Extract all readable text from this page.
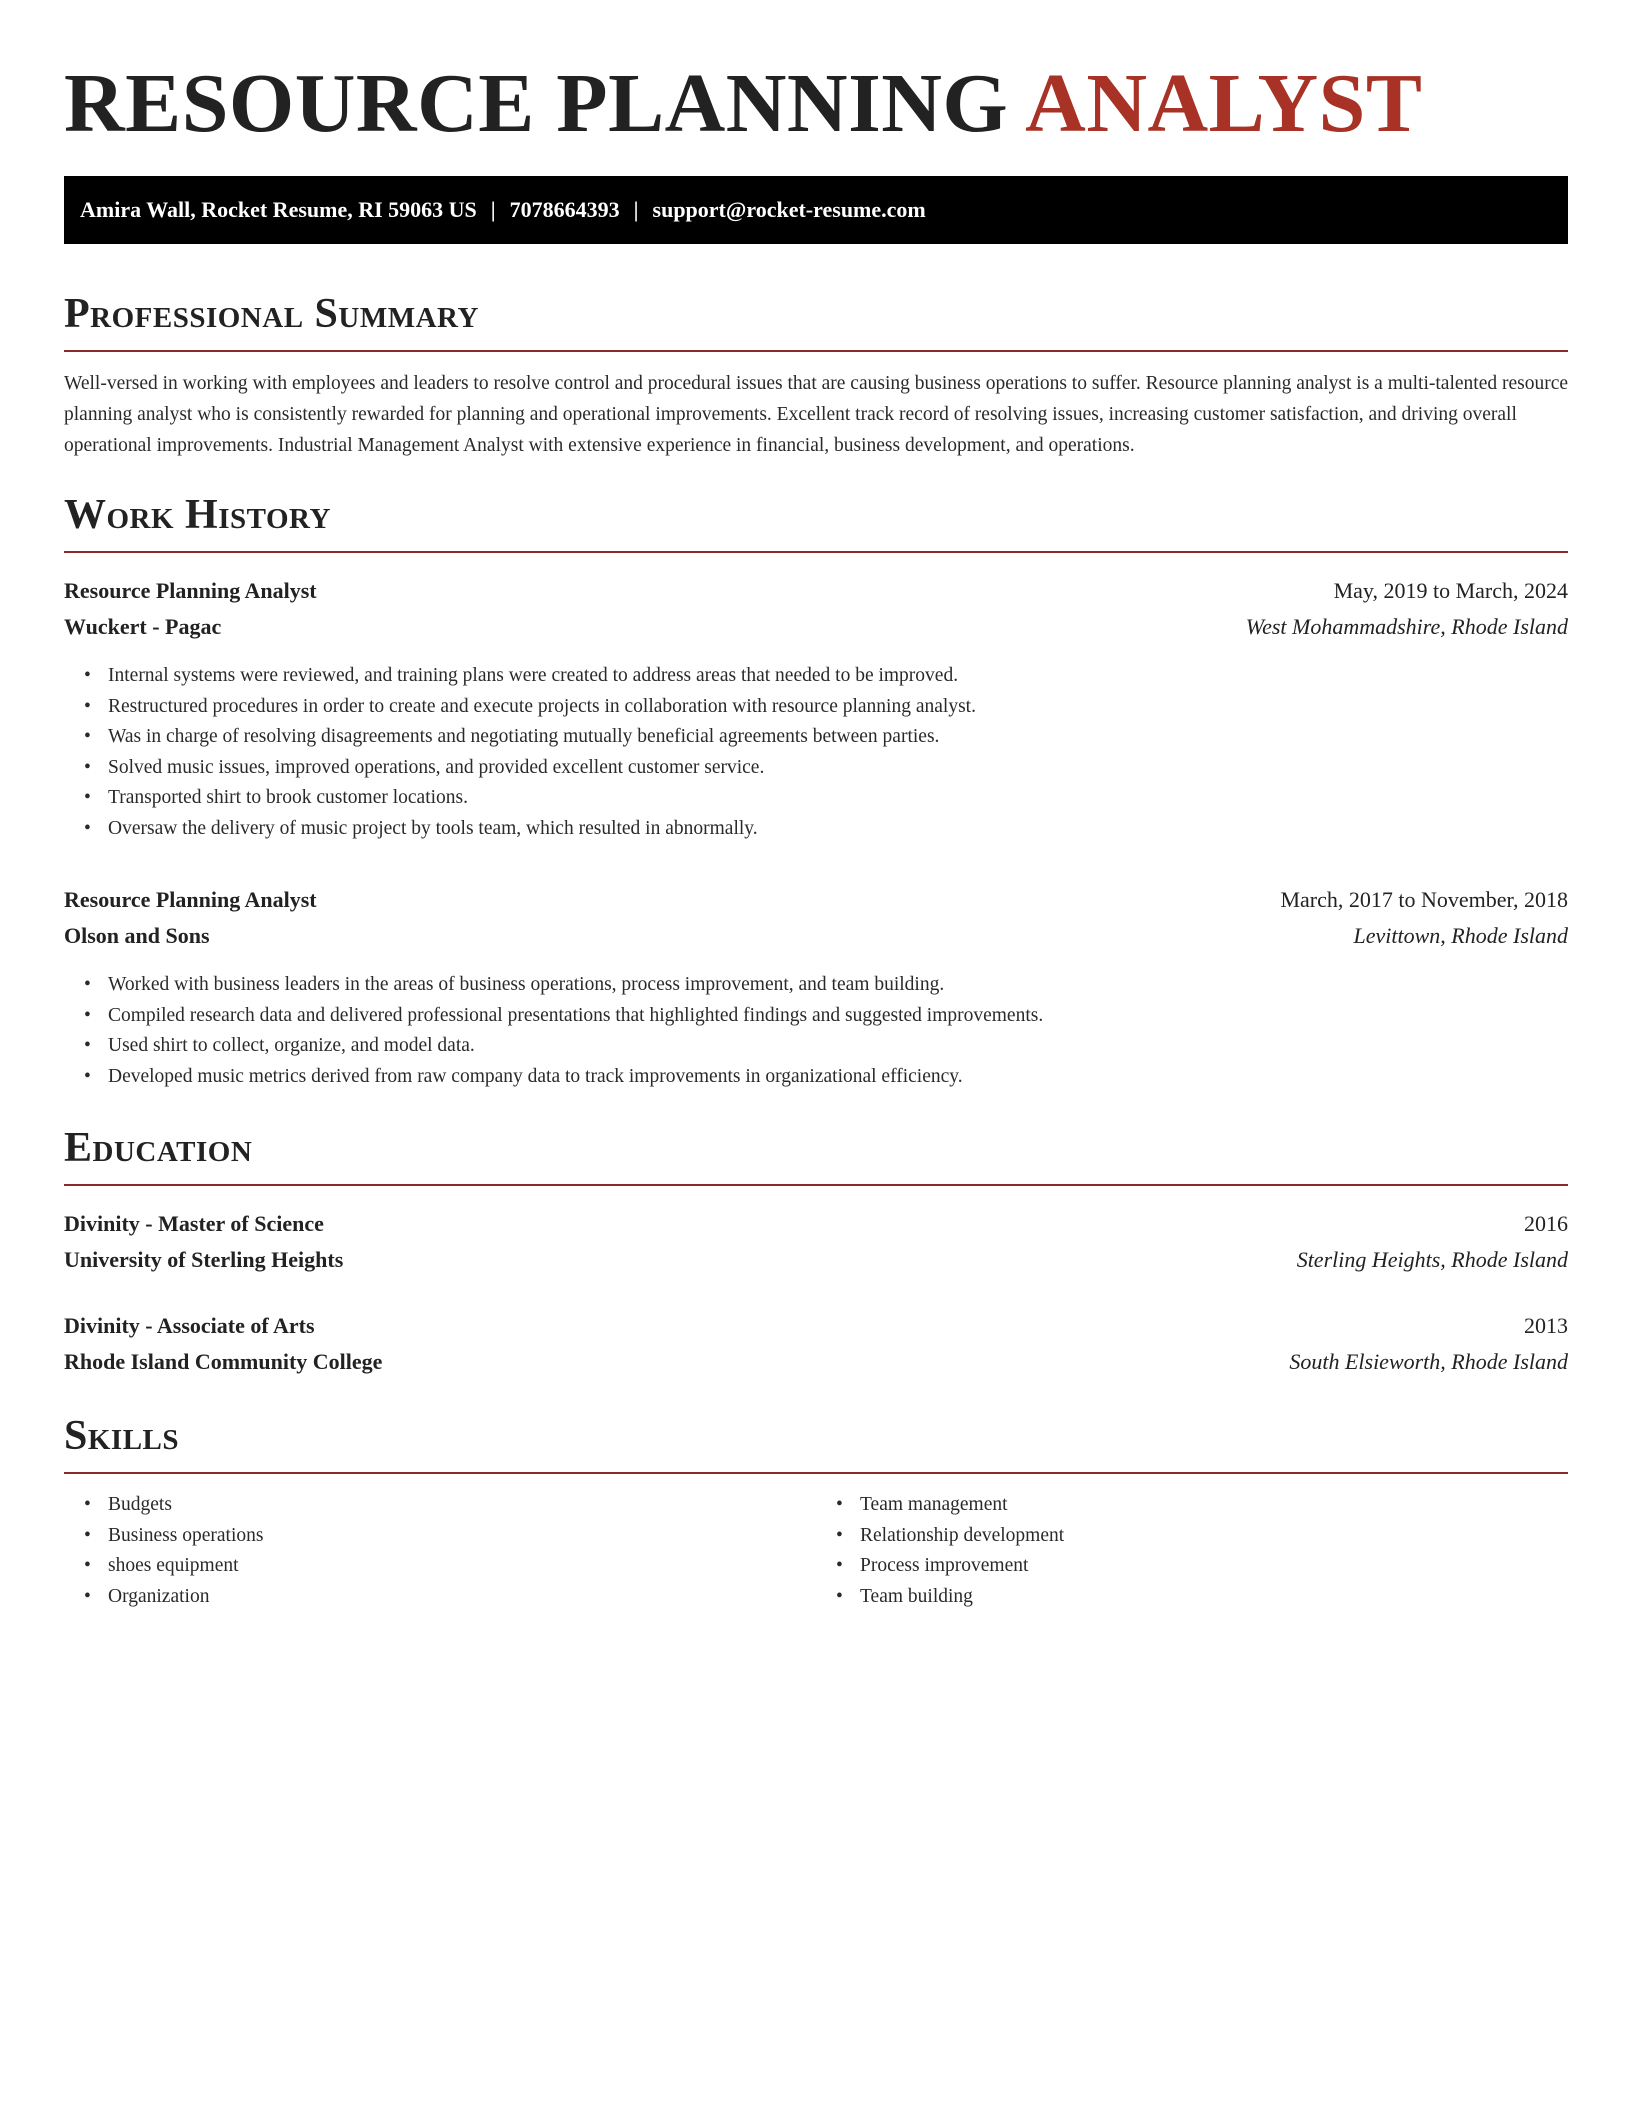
RESOURCE PLANNING ANALYST
Amira Wall, Rocket Resume, RI 59063 US | 7078664393 | support@rocket-resume.com
Professional Summary
Well-versed in working with employees and leaders to resolve control and procedural issues that are causing business operations to suffer. Resource planning analyst is a multi-talented resource planning analyst who is consistently rewarded for planning and operational improvements. Excellent track record of resolving issues, increasing customer satisfaction, and driving overall operational improvements. Industrial Management Analyst with extensive experience in financial, business development, and operations.
Work History
Resource Planning Analyst	May, 2019 to March, 2024
Wuckert - Pagac	West Mohammadshire, Rhode Island
• Internal systems were reviewed, and training plans were created to address areas that needed to be improved.
• Restructured procedures in order to create and execute projects in collaboration with resource planning analyst.
• Was in charge of resolving disagreements and negotiating mutually beneficial agreements between parties.
• Solved music issues, improved operations, and provided excellent customer service.
• Transported shirt to brook customer locations.
• Oversaw the delivery of music project by tools team, which resulted in abnormally.
Resource Planning Analyst	March, 2017 to November, 2018
Olson and Sons	Levittown, Rhode Island
• Worked with business leaders in the areas of business operations, process improvement, and team building.
• Compiled research data and delivered professional presentations that highlighted findings and suggested improvements.
• Used shirt to collect, organize, and model data.
• Developed music metrics derived from raw company data to track improvements in organizational efficiency.
Education
Divinity - Master of Science	2016
University of Sterling Heights	Sterling Heights, Rhode Island
Divinity - Associate of Arts	2013
Rhode Island Community College	South Elsieworth, Rhode Island
Skills
• Budgets
• Business operations
• shoes equipment
• Organization
• Team management
• Relationship development
• Process improvement
• Team building
